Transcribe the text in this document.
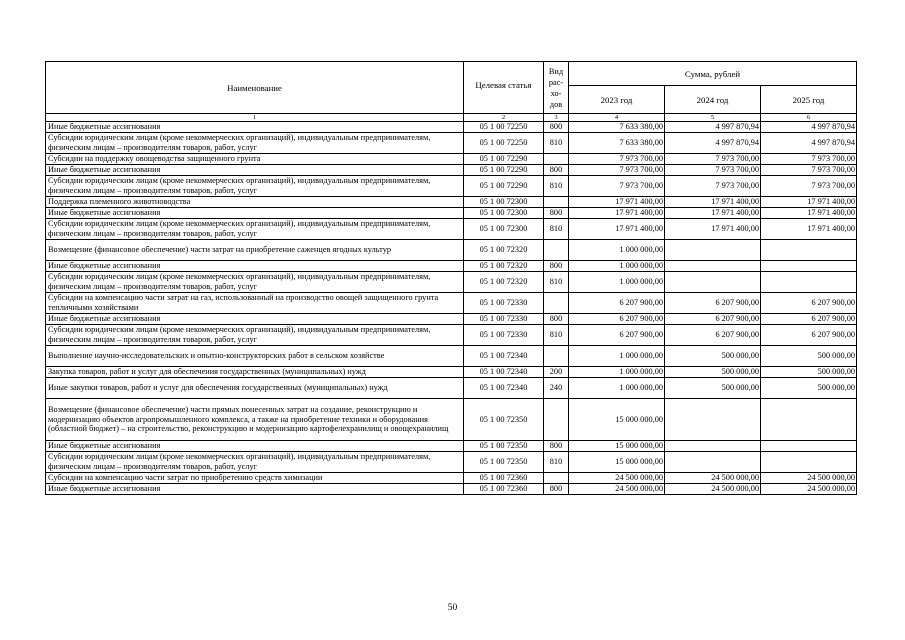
Наименование	Целевая статья	Вид рас- хо- дов	Сумма, рублей		
			2023 год	2024 год	2025 год
1	2	3	4	5	6
Иные бюджетные ассигнования	05 1 00 72250	800	7 633 380,00	4 997 870,94	4 997 870,94
Субсидии юридическим лицам (кроме некоммерческих организаций), индивидуальным предпринимателям, физическим лицам – производителям товаров, работ, услуг	05 1 00 72250	810	7 633 380,00	4 997 870,94	4 997 870,94
Субсидии на поддержку овощеводства защищенного грунта	05 1 00 72290		7 973 700,00	7 973 700,00	7 973 700,00
Иные бюджетные ассигнования	05 1 00 72290	800	7 973 700,00	7 973 700,00	7 973 700,00
Субсидии юридическим лицам (кроме некоммерческих организаций), индивидуальным предпринимателям, физическим лицам – производителям товаров, работ, услуг	05 1 00 72290	810	7 973 700,00	7 973 700,00	7 973 700,00
Поддержка племенного животноводства	05 1 00 72300		17 971 400,00	17 971 400,00	17 971 400,00
Иные бюджетные ассигнования	05 1 00 72300	800	17 971 400,00	17 971 400,00	17 971 400,00
Субсидии юридическим лицам (кроме некоммерческих организаций), индивидуальным предпринимателям, физическим лицам – производителям товаров, работ, услуг	05 1 00 72300	810	17 971 400,00	17 971 400,00	17 971 400,00
Возмещение (финансовое обеспечение) части затрат на приобретение саженцев ягодных культур	05 1 00 72320		1 000 000,00		
Иные бюджетные ассигнования	05 1 00 72320	800	1 000 000,00		
Субсидии юридическим лицам (кроме некоммерческих организаций), индивидуальным предпринимателям, физическим лицам – производителям товаров, работ, услуг	05 1 00 72320	810	1 000 000,00		
Субсидии на компенсацию части затрат на газ, использованный на производство овощей защищенного грунта тепличными хозяйствами	05 1 00 72330		6 207 900,00	6 207 900,00	6 207 900,00
Иные бюджетные ассигнования	05 1 00 72330	800	6 207 900,00	6 207 900,00	6 207 900,00
Субсидии юридическим лицам (кроме некоммерческих организаций), индивидуальным предпринимателям, физическим лицам – производителям товаров, работ, услуг	05 1 00 72330	810	6 207 900,00	6 207 900,00	6 207 900,00
Выполнение научно-исследовательских и опытно-конструкторских работ в сельском хозяйстве	05 1 00 72340		1 000 000,00	500 000,00	500 000,00
Закупка товаров, работ и услуг для обеспечения государственных (муниципальных) нужд	05 1 00 72340	200	1 000 000,00	500 000,00	500 000,00
Иные закупки товаров, работ и услуг для обеспечения государственных (муниципальных) нужд	05 1 00 72340	240	1 000 000,00	500 000,00	500 000,00
Возмещение (финансовое обеспечение) части прямых понесенных затрат на создание, реконструкцию и модернизацию объектов агропромышленного комплекса, а также на приобретение техники и оборудования (областной бюджет) – на строительство, реконструкцию и модернизацию картофелехранилищ и овощехранилищ	05 1 00 72350		15 000 000,00		
Иные бюджетные ассигнования	05 1 00 72350	800	15 000 000,00		
Субсидии юридическим лицам (кроме некоммерческих организаций), индивидуальным предпринимателям, физическим лицам – производителям товаров, работ, услуг	05 1 00 72350	810	15 000 000,00		
Субсидии на компенсацию части затрат по приобретению средств химизации	05 1 00 72360		24 500 000,00	24 500 000,00	24 500 000,00
Иные бюджетные ассигнования	05 1 00 72360	800	24 500 000,00	24 500 000,00	24 500 000,00
50
